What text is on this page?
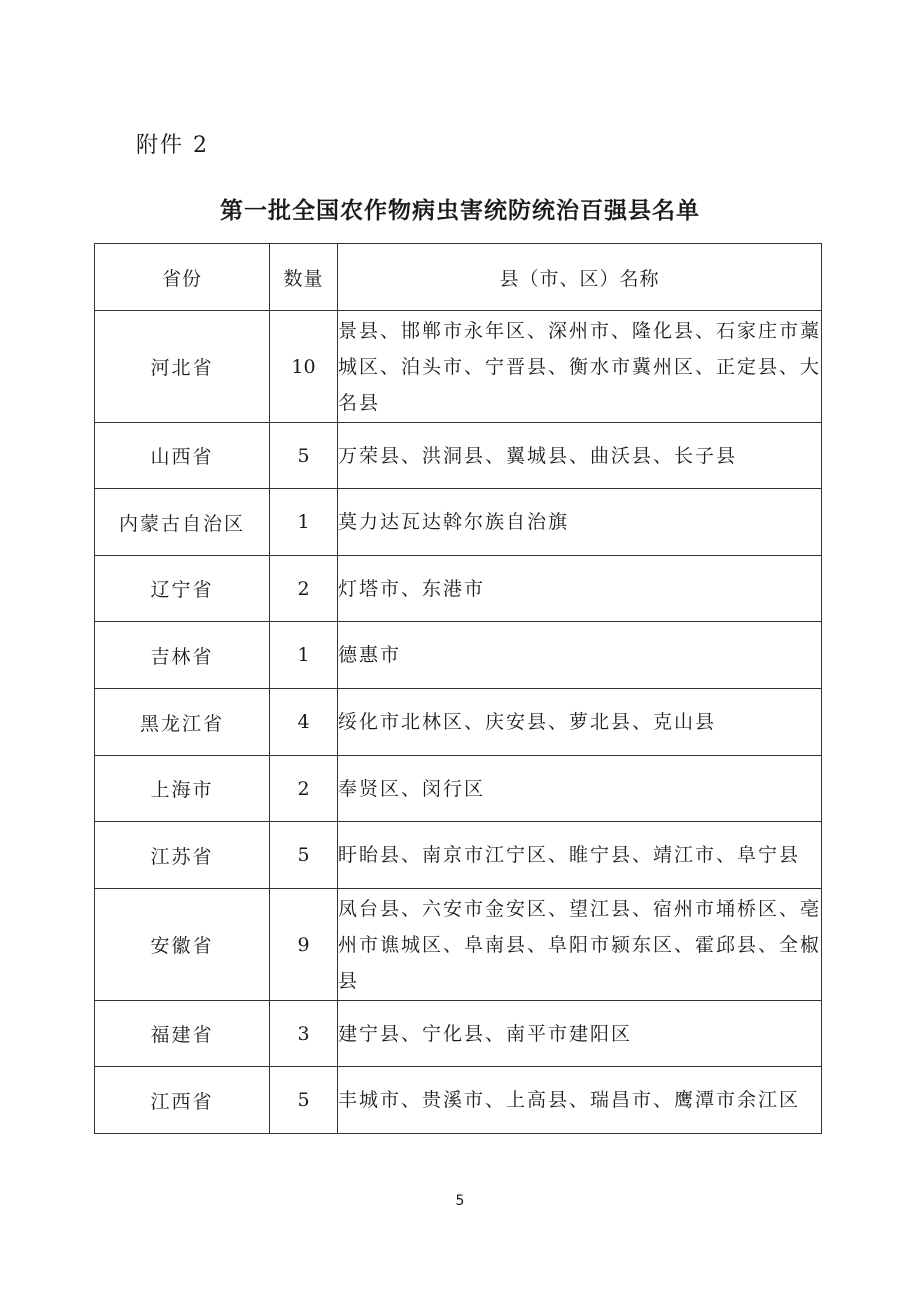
附件 2
第一批全国农作物病虫害统防统治百强县名单
省份	数量	县（市、区）名称
河北省	10	景县、邯郸市永年区、深州市、隆化县、石家庄市藁城区、泊头市、宁晋县、衡水市冀州区、正定县、大名县
山西省	5	万荣县、洪洞县、翼城县、曲沃县、长子县
内蒙古自治区	1	莫力达瓦达斡尔族自治旗
辽宁省	2	灯塔市、东港市
吉林省	1	德惠市
黑龙江省	4	绥化市北林区、庆安县、萝北县、克山县
上海市	2	奉贤区、闵行区
江苏省	5	盱眙县、南京市江宁区、睢宁县、靖江市、阜宁县
安徽省	9	凤台县、六安市金安区、望江县、宿州市埇桥区、亳州市谯城区、阜南县、阜阳市颍东区、霍邱县、全椒县
福建省	3	建宁县、宁化县、南平市建阳区
江西省	5	丰城市、贵溪市、上高县、瑞昌市、鹰潭市余江区
5
